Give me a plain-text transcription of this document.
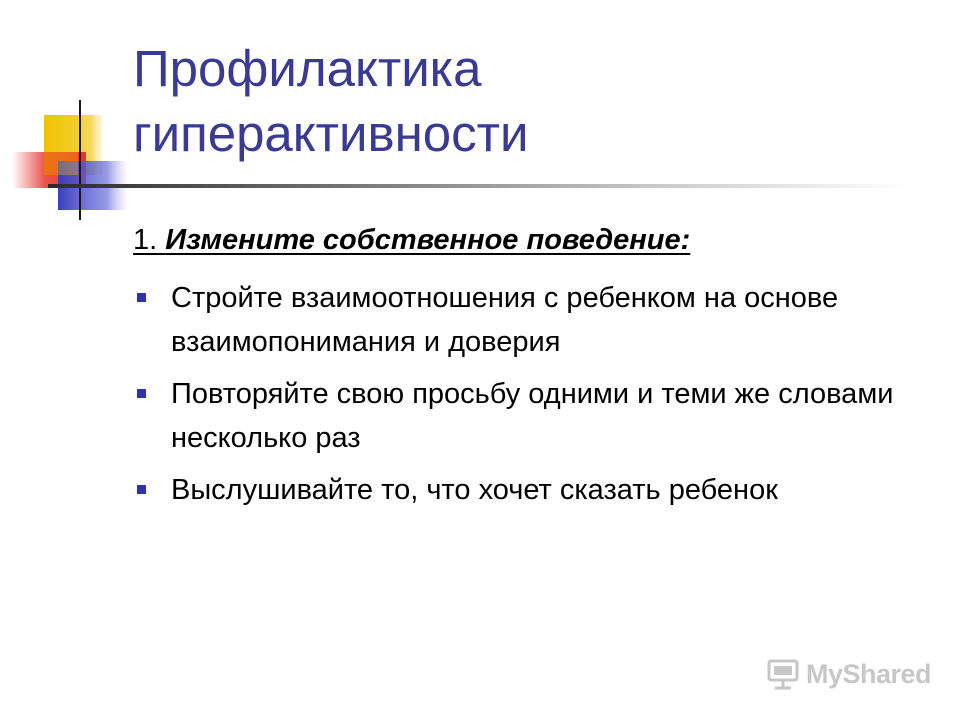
Профилактика
гиперактивности
1. Измените собственное поведение:
Стройте взаимоотношения с ребенком на основе взаимопонимания и доверия
Повторяйте свою просьбу одними и теми же словами несколько раз
Выслушивайте то, что хочет сказать ребенок
MyShared
